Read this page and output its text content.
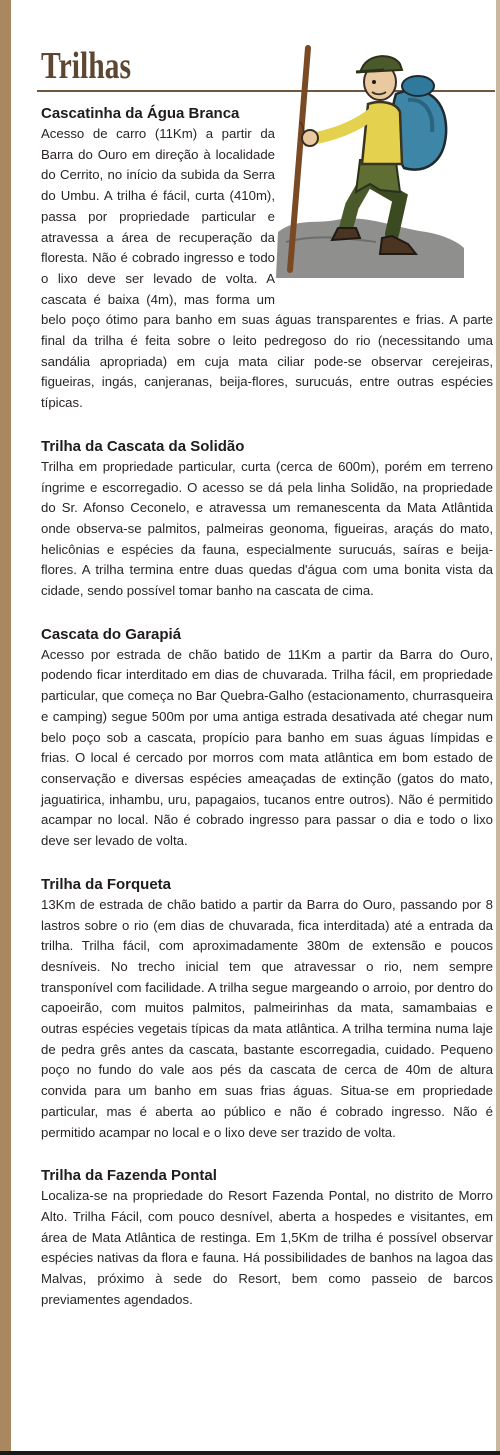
Trilhas
Cascatinha da Água Branca

Acesso de carro (11Km) a partir da Barra do Ouro em direção à localidade do Cerrito, no início da subida da Serra do Umbu. A trilha é fácil, curta (410m), passa por propriedade particular e atravessa a área de recuperação da floresta. Não é cobrado ingresso e todo o lixo deve ser levado de volta. A cascata é baixa (4m), mas forma um belo poço ótimo para banho em suas águas transparentes e frias. A parte final da trilha é feita sobre o leito pedregoso do rio (necessitando uma sandália apropriada) em cuja mata ciliar pode-se observar cerejeiras, figueiras, ingás, canjeranas, beija-flores, surucuás, entre outras espécies típicas.

Trilha da Cascata da Solidão

Trilha em propriedade particular, curta (cerca de 600m), porém em terreno íngrime e escorregadio. O acesso se dá pela linha Solidão, na propriedade do Sr. Afonso Ceconelo, e atravessa um remanescenta da Mata Atlântida onde observa-se palmitos, palmeiras geonoma, figueiras, araçás do mato, helicônias e espécies da fauna, especialmente surucuás, saíras e beija-flores. A trilha termina entre duas quedas d'água com uma bonita vista da cidade, sendo possível tomar banho na cascata de cima.

Cascata do Garapiá

Acesso por estrada de chão batido de 11Km a partir da Barra do Ouro, podendo ficar interditado em dias de chuvarada. Trilha fácil, em propriedade particular, que começa no Bar Quebra-Galho (estacionamento, churrasqueira e camping) segue 500m por uma antiga estrada desativada até chegar num belo poço sob a cascata, propício para banho em suas águas límpidas e frias. O local é cercado por morros com mata atlântica em bom estado de conservação e diversas espécies ameaçadas de extinção (gatos do mato, jaguatirica, inhambu, uru, papagaios, tucanos entre outros). Não é permitido acampar no local. Não é cobrado ingresso para passar o dia e todo o lixo deve ser levado de volta.

Trilha da Forqueta

13Km de estrada de chão batido a partir da Barra do Ouro, passando por 8 lastros sobre o rio (em dias de chuvarada, fica interditada) até a entrada da trilha. Trilha fácil, com aproximadamente 380m de extensão e poucos desníveis. No trecho inicial tem que atravessar o rio, nem sempre transponível com facilidade. A trilha segue margeando o arroio, por dentro do capoeirão, com muitos palmitos, palmeirinhas da mata, samambaias e outras espécies vegetais típicas da mata atlântica. A trilha termina numa laje de pedra grês antes da cascata, bastante escorregadia, cuidado. Pequeno poço no fundo do vale aos pés da cascata de cerca de 40m de altura convida para um banho em suas frias águas. Situa-se em propriedade particular, mas é aberta ao público e não é cobrado ingresso. Não é permitido acampar no local e o lixo deve ser trazido de volta.

Trilha da Fazenda Pontal

Localiza-se na propriedade do Resort Fazenda Pontal, no distrito de Morro Alto. Trilha Fácil, com pouco desnível, aberta a hospedes e visitantes, em área de Mata Atlântica de restinga. Em 1,5Km de trilha é possível observar espécies nativas da flora e fauna. Há possibilidades de banhos na lagoa das Malvas, próximo à sede do Resort, bem como passeio de barcos previamentes agendados.
